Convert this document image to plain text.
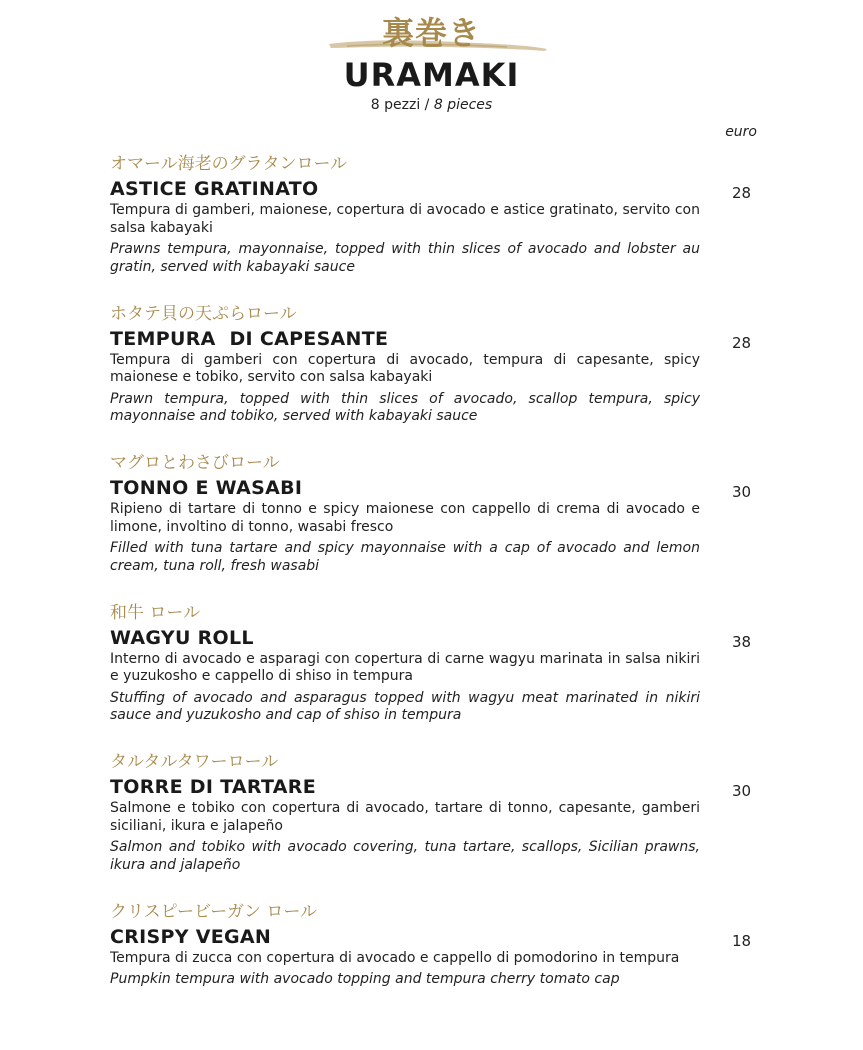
裏巻き
URAMAKI
8 pezzi / 8 pieces
euro
オマール海老のグラタンロール
ASTICE GRATINATO	28
Tempura di gamberi, maionese, copertura di avocado e astice gratinato, servito con salsa kabayaki
Prawns tempura, mayonnaise, topped with thin slices of avocado and lobster au gratin, served with kabayaki sauce
ホタテ貝の天ぷらロール
TEMPURA  DI CAPESANTE	28
Tempura di gamberi con copertura di avocado, tempura di capesante, spicy maionese e tobiko, servito con salsa kabayaki
Prawn tempura, topped with thin slices of avocado, scallop tempura, spicy mayonnaise and tobiko, served with kabayaki sauce
マグロとわさびロール
TONNO E WASABI	30
Ripieno di tartare di tonno e spicy maionese con cappello di crema di avocado e limone, involtino di tonno, wasabi fresco
Filled with tuna tartare and spicy mayonnaise with a cap of avocado and lemon cream, tuna roll, fresh wasabi
和牛 ロール
WAGYU ROLL	38
Interno di avocado e asparagi con copertura di carne wagyu marinata in salsa nikiri e yuzukosho e cappello di shiso in tempura
Stuffing of avocado and asparagus topped with wagyu meat marinated in nikiri sauce and yuzukosho and cap of shiso in tempura
タルタルタワーロール
TORRE DI TARTARE	30
Salmone e tobiko con copertura di avocado, tartare di tonno, capesante, gamberi siciliani, ikura e jalapeño
Salmon and tobiko with avocado covering, tuna tartare, scallops, Sicilian prawns, ikura and jalapeño
クリスピービーガン ロール
CRISPY VEGAN	18
Tempura di zucca con copertura di avocado e cappello di pomodorino in tempura
Pumpkin tempura with avocado topping and tempura cherry tomato cap
